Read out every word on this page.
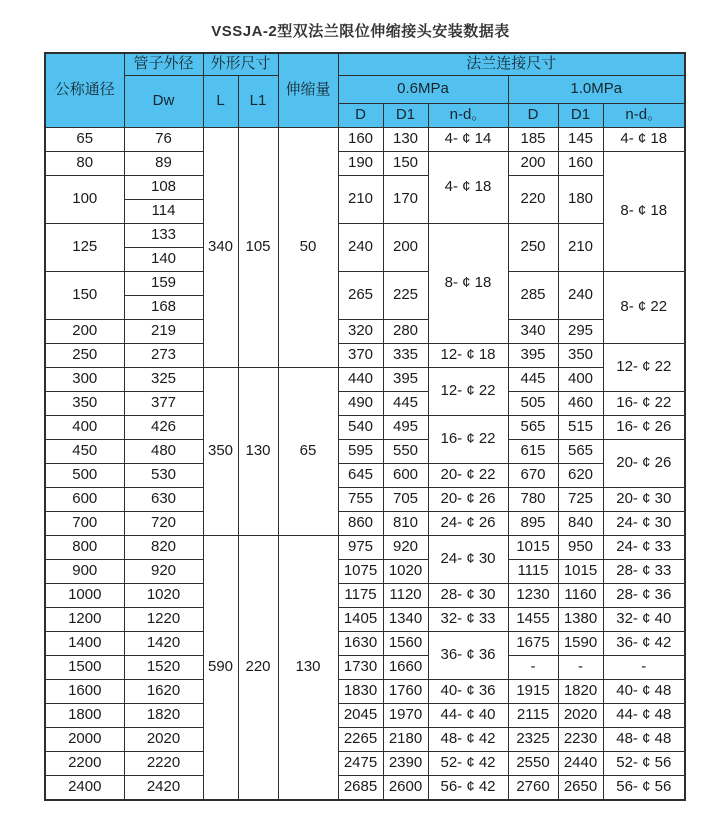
VSSJA-2型双法兰限位伸缩接头安装数据表
公称通径	管子外径	外形尺寸		伸缩量	法兰连接尺寸					
	Dw	L	L1		0.6MPa			1.0MPa		
					D	D1	n-d。	D	D1	n-d。
65	76	340	105	50	160	130	4- ¢ 14	185	145	4- ¢ 18
80	89				190	150	4- ¢ 18	200	160	8- ¢ 18
100	108				210	170		220	180	
	114									
125	133				240	200	8- ¢ 18	250	210	
	140									
150	159				265	225		285	240	8- ¢ 22
	168									
200	219				320	280		340	295	
250	273				370	335	12- ¢ 18	395	350	12- ¢ 22
300	325	350	130	65	440	395	12- ¢ 22	445	400	
350	377				490	445		505	460	16- ¢ 22
400	426				540	495	16- ¢ 22	565	515	16- ¢ 26
450	480				595	550		615	565	20- ¢ 26
500	530				645	600	20- ¢ 22	670	620	
600	630				755	705	20- ¢ 26	780	725	20- ¢ 30
700	720				860	810	24- ¢ 26	895	840	24- ¢ 30
800	820	590	220	130	975	920	24- ¢ 30	1015	950	24- ¢ 33
900	920				1075	1020		1115	1015	28- ¢ 33
1000	1020				1175	1120	28- ¢ 30	1230	1160	28- ¢ 36
1200	1220				1405	1340	32- ¢ 33	1455	1380	32- ¢ 40
1400	1420				1630	1560	36- ¢ 36	1675	1590	36- ¢ 42
1500	1520				1730	1660		-	-	-
1600	1620				1830	1760	40- ¢ 36	1915	1820	40- ¢ 48
1800	1820				2045	1970	44- ¢ 40	2115	2020	44- ¢ 48
2000	2020				2265	2180	48- ¢ 42	2325	2230	48- ¢ 48
2200	2220				2475	2390	52- ¢ 42	2550	2440	52- ¢ 56
2400	2420				2685	2600	56- ¢ 42	2760	2650	56- ¢ 56
